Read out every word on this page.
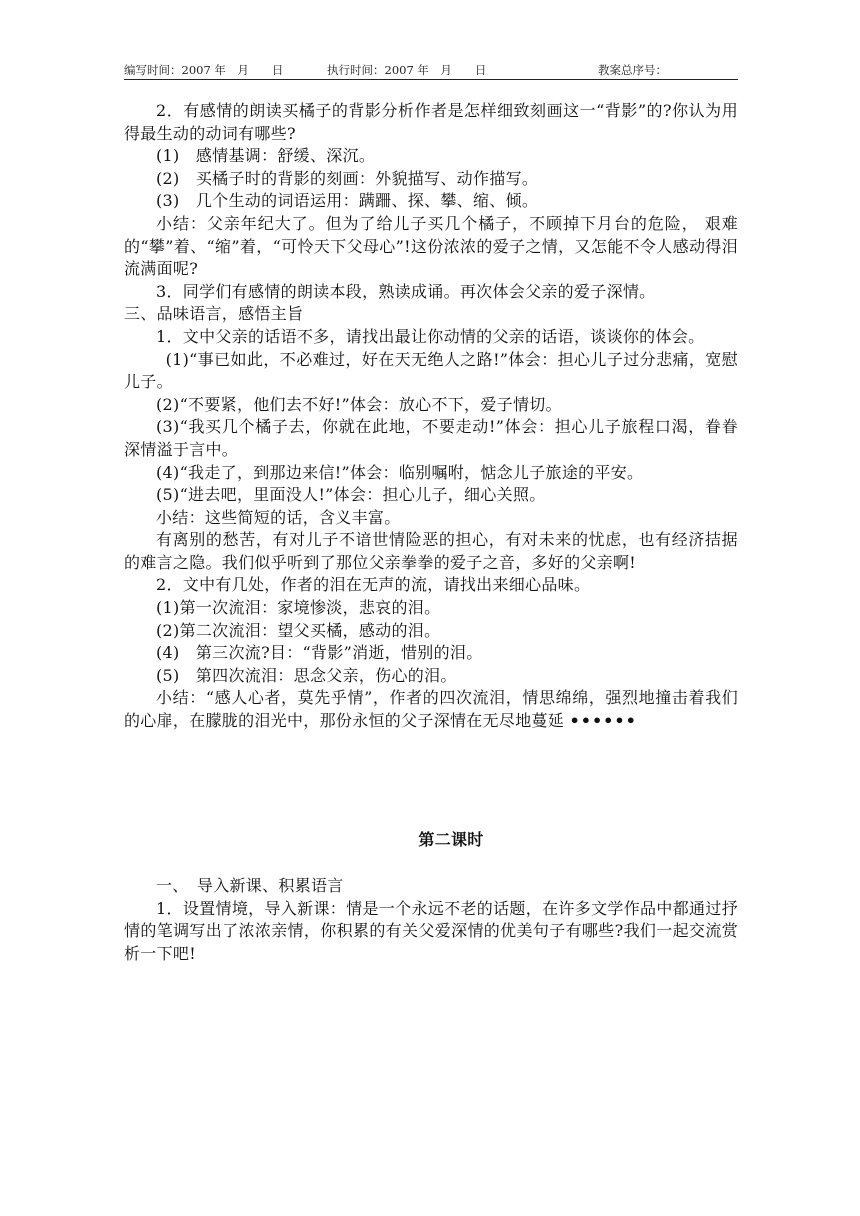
编写时间：2007 年　月　　日	执行时间：2007 年　月　　日	教案总序号：

2．有感情的朗读买橘子的背影分析作者是怎样细致刻画这一“背影”的?你认为用得最生动的动词有哪些?

(1)　感情基调：舒缓、深沉。

(2)　买橘子时的背影的刻画：外貌描写、动作描写。

(3)　几个生动的词语运用：蹒跚、探、攀、缩、倾。

小结：父亲年纪大了。但为了给儿子买几个橘子，不顾掉下月台的危险， 艰难的“攀”着、“缩”着，“可怜天下父母心”!这份浓浓的爱子之情，又怎能不令人感动得泪流满面呢?

3．同学们有感情的朗读本段，熟读成诵。再次体会父亲的爱子深情。

三、品味语言，感悟主旨

1．文中父亲的话语不多，请找出最让你动情的父亲的话语，谈谈你的体会。

(1)“事已如此，不必难过，好在天无绝人之路!”体会：担心儿子过分悲痛，宽慰儿子。

(2)“不要紧，他们去不好!”体会：放心不下，爱子情切。

(3)“我买几个橘子去，你就在此地，不要走动!”体会：担心儿子旅程口渴，眷眷深情溢于言中。

(4)“我走了，到那边来信!”体会：临别嘱咐，惦念儿子旅途的平安。

(5)“进去吧，里面没人!”体会：担心儿子，细心关照。

小结：这些简短的话，含义丰富。

有离别的愁苦，有对儿子不谙世情险恶的担心，有对未来的忧虑，也有经济拮据的难言之隐。我们似乎听到了那位父亲拳拳的爱子之音，多好的父亲啊!

2．文中有几处，作者的泪在无声的流，请找出来细心品味。

(1)第一次流泪：家境惨淡，悲哀的泪。

(2)第二次流泪：望父买橘，感动的泪。

(4)　第三次流?目：“背影”消逝，惜别的泪。

(5)　第四次流泪：思念父亲，伤心的泪。

小结：“感人心者，莫先乎情”，作者的四次流泪，情思绵绵，强烈地撞击着我们的心扉，在朦胧的泪光中，那份永恒的父子深情在无尽地蔓延 ••••••

第二课时

一、　导入新课、积累语言

1．设置情境，导入新课：情是一个永远不老的话题，在许多文学作品中都通过抒情的笔调写出了浓浓亲情，你积累的有关父爱深情的优美句子有哪些?我们一起交流赏析一下吧!
